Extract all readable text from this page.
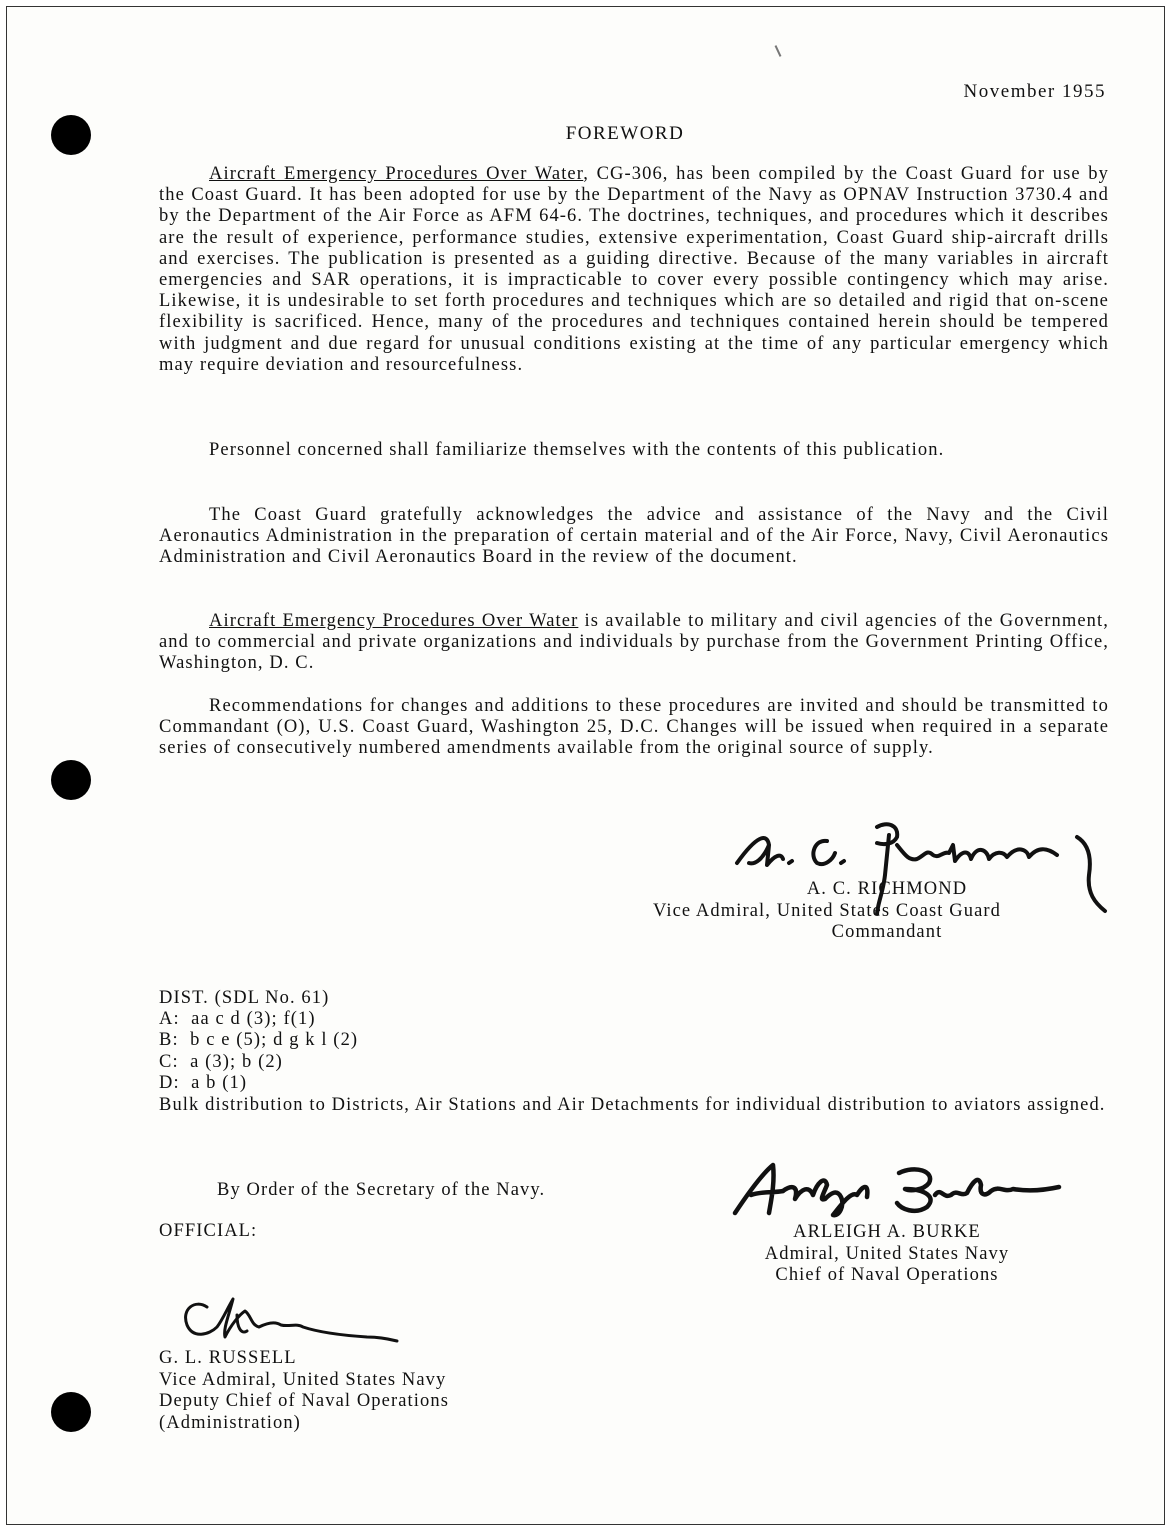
November 1955
FOREWORD
Aircraft Emergency Procedures Over Water, CG-306, has been compiled by the Coast Guard for use by the Coast Guard. It has been adopted for use by the Department of the Navy as OPNAV Instruction 3730.4 and by the Department of the Air Force as AFM 64-6. The doctrines, techniques, and procedures which it describes are the result of experience, performance studies, extensive experimentation, Coast Guard ship-aircraft drills and exercises. The publication is presented as a guiding directive. Because of the many variables in aircraft emergencies and SAR operations, it is impracticable to cover every possible contingency which may arise. Likewise, it is undesirable to set forth procedures and techniques which are so detailed and rigid that on-scene flexibility is sacrificed. Hence, many of the procedures and techniques contained herein should be tempered with judgment and due regard for unusual conditions existing at the time of any particular emergency which may require deviation and resourcefulness.
Personnel concerned shall familiarize themselves with the contents of this publication.
The Coast Guard gratefully acknowledges the advice and assistance of the Navy and the Civil Aeronautics Administration in the preparation of certain material and of the Air Force, Navy, Civil Aeronautics Administration and Civil Aeronautics Board in the review of the document.
Aircraft Emergency Procedures Over Water is available to military and civil agencies of the Government, and to commercial and private organizations and individuals by purchase from the Government Printing Office, Washington, D. C.
Recommendations for changes and additions to these procedures are invited and should be transmitted to Commandant (O), U.S. Coast Guard, Washington 25, D.C. Changes will be issued when required in a separate series of consecutively numbered amendments available from the original source of supply.
A. C. RICHMOND
Vice Admiral, United States Coast Guard
Commandant
DIST. (SDL No. 61)
A:  aa c d (3); f(1)
B:  b c e (5); d g k l (2)
C:  a (3); b (2)
D:  a b (1)
Bulk distribution to Districts, Air Stations and Air Detachments for individual distribution to aviators assigned.
By Order of the Secretary of the Navy.
OFFICIAL:	ARLEIGH A. BURKE
Admiral, United States Navy
Chief of Naval Operations
G. L. RUSSELL
Vice Admiral, United States Navy
Deputy Chief of Naval Operations
(Administration)
